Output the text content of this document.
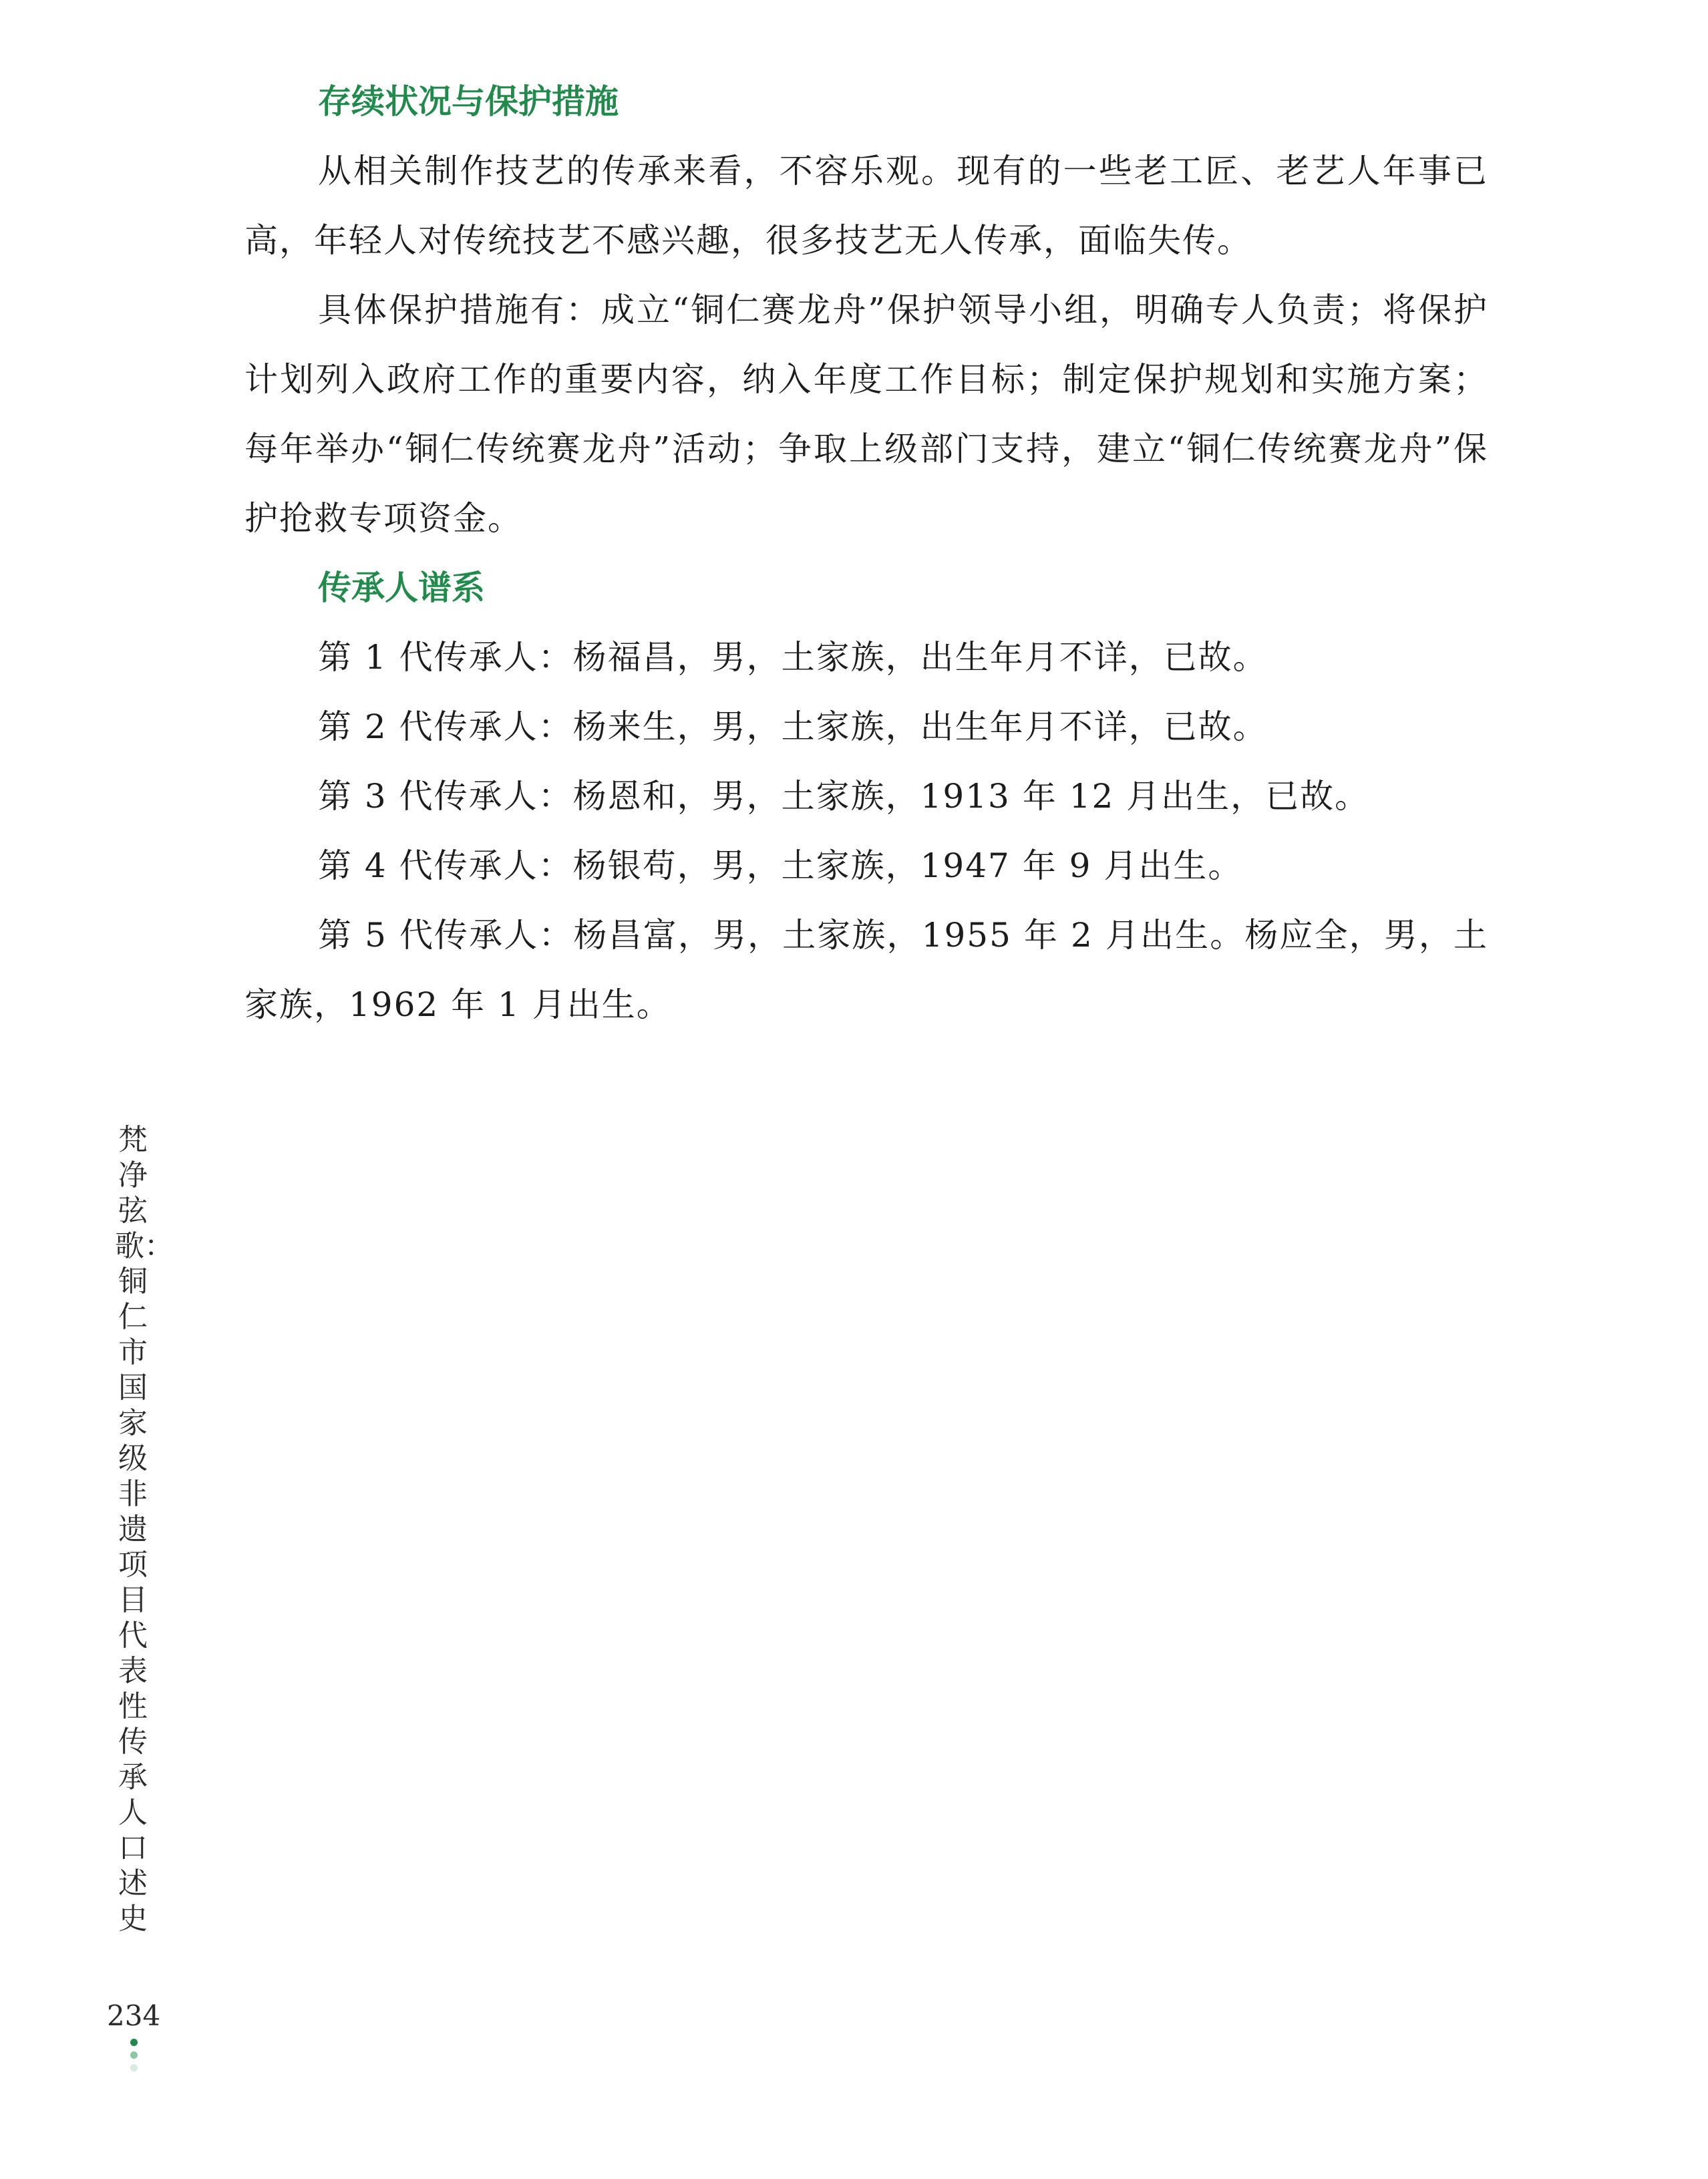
存续状况与保护措施

从相关制作技艺的传承来看，不容乐观。现有的一些老工匠、老艺人年事已高，年轻人对传统技艺不感兴趣，很多技艺无人传承，面临失传。

具体保护措施有：成立“铜仁赛龙舟”保护领导小组，明确专人负责；将保护计划列入政府工作的重要内容，纳入年度工作目标；制定保护规划和实施方案；每年举办“铜仁传统赛龙舟”活动；争取上级部门支持，建立“铜仁传统赛龙舟”保护抢救专项资金。

传承人谱系

第 1 代传承人：杨福昌，男，土家族，出生年月不详，已故。

第 2 代传承人：杨来生，男，土家族，出生年月不详，已故。

第 3 代传承人：杨恩和，男，土家族，1913 年 12 月出生，已故。

第 4 代传承人：杨银苟，男，土家族，1947 年 9 月出生。

第 5 代传承人：杨昌富，男，土家族，1955 年 2 月出生。杨应全，男，土家族，1962 年 1 月出生。

梵净弦歌：铜仁市国家级非遗项目代表性传承人口述史
234
